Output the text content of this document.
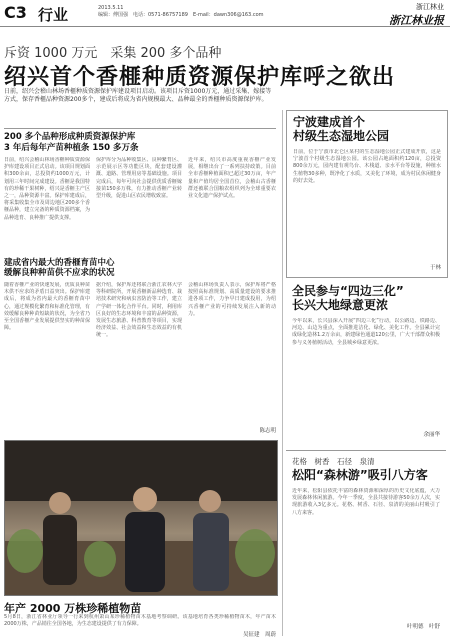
C3 行业	2013.5.11
编辑：傅国强　电话：0571-86757189　E-mail：dawn306@163.com
浙江林业
浙江林业报
斥资 1000 万元　采集 200 多个品种
绍兴首个香榧种质资源保护库呼之欲出
日前，绍兴会稽山林场香榧种质资源保护库建设项目启动。该项目斥资1000万元，通过采集、嫁接等方式，保存香榧品种资源200多个，建成后将成为省内规模最大、品种最全的香榧种质资源保护库。
200 多个品种形成种质资源保护库
3 年后每年产苗种植条 150 多万条
日前，绍兴会稽山林场香榧种质资源保护库建设项目正式启动。该项目规划面积300余亩，总投资约1000万元，计划用三年时间完成建设。香榧是我国特有的珍稀干果树种，绍兴是香榧主产区之一，品种资源丰富。保护库建成后，将采集收集全市及周边地区200多个香榧品种，建立完备的种质资源档案，为品种选育、良种推广提供支撑。
保护库分为品种收集区、良种繁育区、示范展示区等功能区块，配套建设灌溉、道路、管理用房等基础设施。项目完成后，每年可向社会提供优质香榧嫁接苗150多万株，有力推动香榧产业转型升级，促进山区农民增收致富。
近年来，绍兴市高度重视香榧产业发展，相继出台了一系列扶持政策。目前全市香榧种植面积已超过30万亩，年产量和产值均居全国首位，会稽山古香榧群还被联合国粮农组织列为全球重要农业文化遗产保护试点。
建成省内最大的香榧育苗中心
缓解良种种苗供不应求的状况
随着香榧产业的快速发展，优质良种苗木供不应求的矛盾日益突出。保护库建成后，将成为省内最大的香榧育苗中心，通过规模化繁育和标准化管理，有效缓解良种种苗短缺的状况，为全省乃至全国香榧产业发展提供坚实的种苗保障。
据介绍，保护库还将联合浙江农林大学等科研院所，开展香榧新品种选育、栽培技术研究和病虫害防治等工作，建立产学研一体化合作平台。同时，利用库区良好的生态环境和丰富的品种资源，发展生态旅游、科普教育等项目，实现经济效益、社会效益和生态效益的有机统一。
会稽山林场负责人表示，保护库将严格按照高标准规划、高质量建设的要求推进各项工作，力争早日建成投用，为绍兴香榧产业的可持续发展注入新的动力。
陈志明
年产 2000 万株珍稀植物苗
5月8日，浙江省林业厅领导一行来到杭州萧山某珍稀植物苗木基地考察调研。该基地培育各类珍稀植物苗木，年产苗木2000万株，产品销往全国各地，为生态建设提供了有力保障。
吴征建　周蔚
宁波建成首个
村级生态湿地公园
日前，位于宁波市北仑区某村的生态湿地公园正式建成开放，这是宁波首个村级生态湿地公园。该公园占地面积约120亩，总投资800余万元，园内建有观鸟台、木栈道、亲水平台等设施，种植水生植物30多种，既净化了水质，又美化了环境，成为村民休闲健身的好去处。
于林
全民参与“四边三化”
长兴大地绿意更浓
今年以来，长兴县深入开展“四边三化”行动，以公路边、铁路边、河边、山边为重点，全面推进洁化、绿化、美化工作。全县累计完成绿化造林1.2万余亩，新建绿色通道120公里，广大干部群众积极参与义务植树活动，全县城乡绿意更浓。
余丽华
花格　树香　石径　泉清
松阳“森林游”吸引八方客
近年来，松阳县依托丰富的森林资源和深厚的历史文化底蕴，大力发展森林休闲旅游。今年一季度，全县共接待游客50余万人次，实现旅游收入3亿多元。花格、树香、石径、泉清的美丽山村吸引了八方来客。
叶明德　叶舒
